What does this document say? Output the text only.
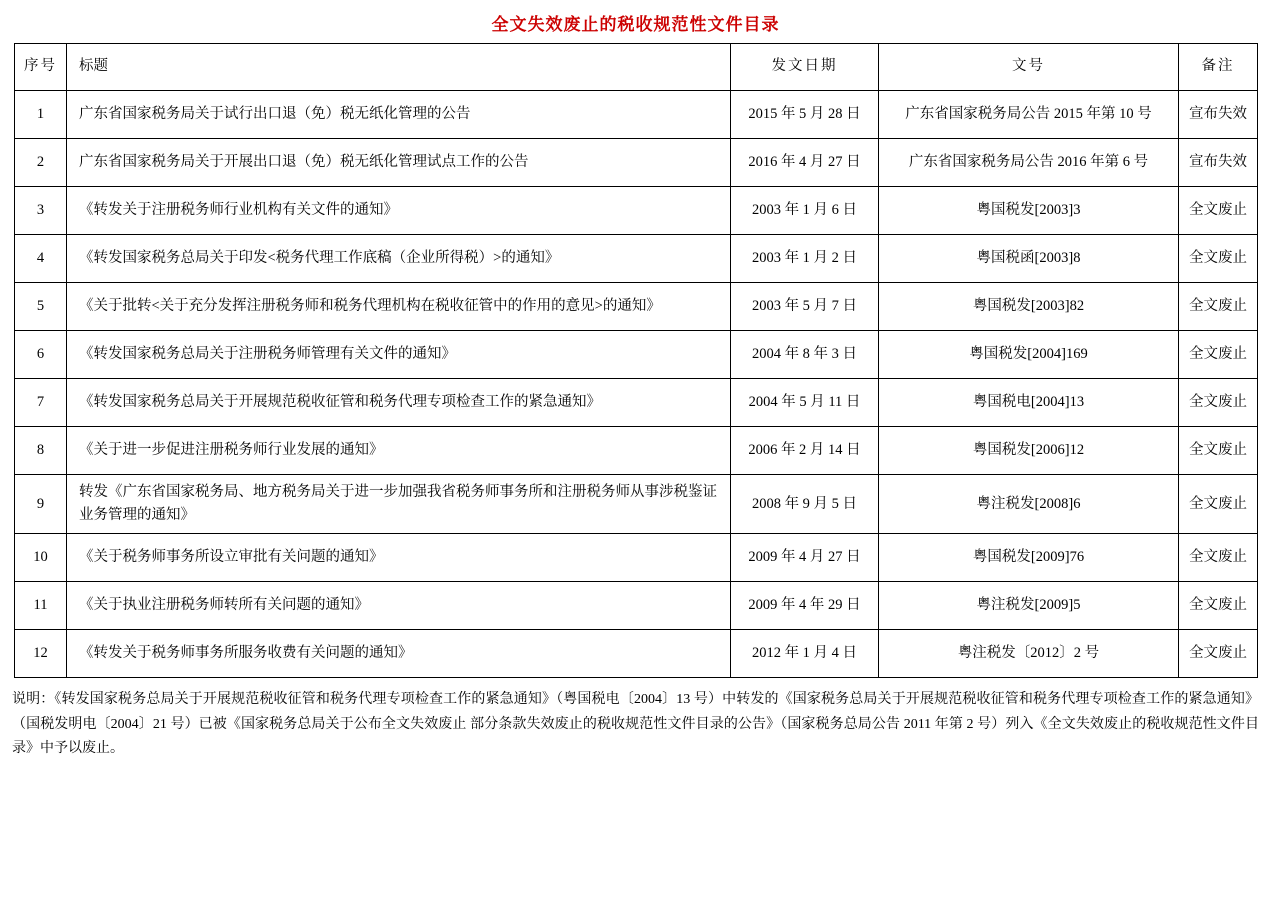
全文失效废止的税收规范性文件目录
序号	标题	发文日期	文号	备注
1	广东省国家税务局关于试行出口退（免）税无纸化管理的公告	2015 年 5 月 28 日	广东省国家税务局公告 2015 年第 10 号	宣布失效
2	广东省国家税务局关于开展出口退（免）税无纸化管理试点工作的公告	2016 年 4 月 27 日	广东省国家税务局公告 2016 年第 6 号	宣布失效
3	《转发关于注册税务师行业机构有关文件的通知》	2003 年 1 月 6 日	粤国税发[2003]3	全文废止
4	《转发国家税务总局关于印发<税务代理工作底稿（企业所得税）>的通知》	2003 年 1 月 2 日	粤国税函[2003]8	全文废止
5	《关于批转<关于充分发挥注册税务师和税务代理机构在税收征管中的作用的意见>的通知》	2003 年 5 月 7 日	粤国税发[2003]82	全文废止
6	《转发国家税务总局关于注册税务师管理有关文件的通知》	2004 年 8 年 3 日	粤国税发[2004]169	全文废止
7	《转发国家税务总局关于开展规范税收征管和税务代理专项检查工作的紧急通知》	2004 年 5 月 11 日	粤国税电[2004]13	全文废止
8	《关于进一步促进注册税务师行业发展的通知》	2006 年 2 月 14 日	粤国税发[2006]12	全文废止
9	转发《广东省国家税务局、地方税务局关于进一步加强我省税务师事务所和注册税务师从事涉税鉴证业务管理的通知》	2008 年 9 月 5 日	粤注税发[2008]6	全文废止
10	《关于税务师事务所设立审批有关问题的通知》	2009 年 4 月 27 日	粤国税发[2009]76	全文废止
11	《关于执业注册税务师转所有关问题的通知》	2009 年 4 年 29 日	粤注税发[2009]5	全文废止
12	《转发关于税务师事务所服务收费有关问题的通知》	2012 年 1 月 4 日	粤注税发〔2012〕2 号	全文废止
说明：《转发国家税务总局关于开展规范税收征管和税务代理专项检查工作的紧急通知》（粤国税电〔2004〕13 号）中转发的《国家税务总局关于开展规范税收征管和税务代理专项检查工作的紧急通知》（国税发明电〔2004〕21 号）已被《国家税务总局关于公布全文失效废止 部分条款失效废止的税收规范性文件目录的公告》（国家税务总局公告 2011 年第 2 号）列入《全文失效废止的税收规范性文件目录》中予以废止。
